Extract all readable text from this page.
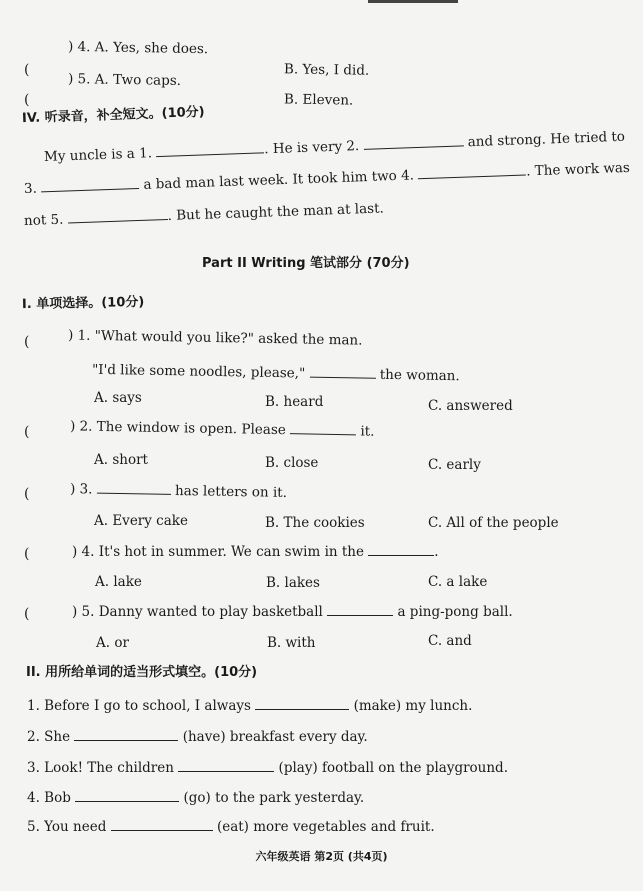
) 4. A. Yes, she does.
(	B. Yes, I did.
) 5. A. Two caps.
(	B. Eleven.
IV. 听录音，补全短文。(10分)
My uncle is a 1.	. He is very 2.	and strong. He tried to
3.	a bad man last week. It took him two 4.	. The work was
not 5.	. But he caught the man at last.
Part II Writing 笔试部分 (70分)
I. 单项选择。(10分)
(	) 1. "What would you like?" asked the man.
"I'd like some noodles, please,"	the woman.
A. says	B. heard	C. answered
(	) 2. The window is open. Please	it.
A. short	B. close	C. early
(	) 3.	has letters on it.
A. Every cake	B. The cookies	C. All of the people
(	) 4. It's hot in summer. We can swim in the	.
A. lake	B. lakes	C. a lake
(	) 5. Danny wanted to play basketball	a ping-pong ball.
A. or	B. with	C. and
II. 用所给单词的适当形式填空。(10分)
1. Before I go to school, I always	(make) my lunch.
2. She	(have) breakfast every day.
3. Look! The children	(play) football on the playground.
4. Bob	(go) to the park yesterday.
5. You need	(eat) more vegetables and fruit.
六年级英语 第2页 (共4页)
